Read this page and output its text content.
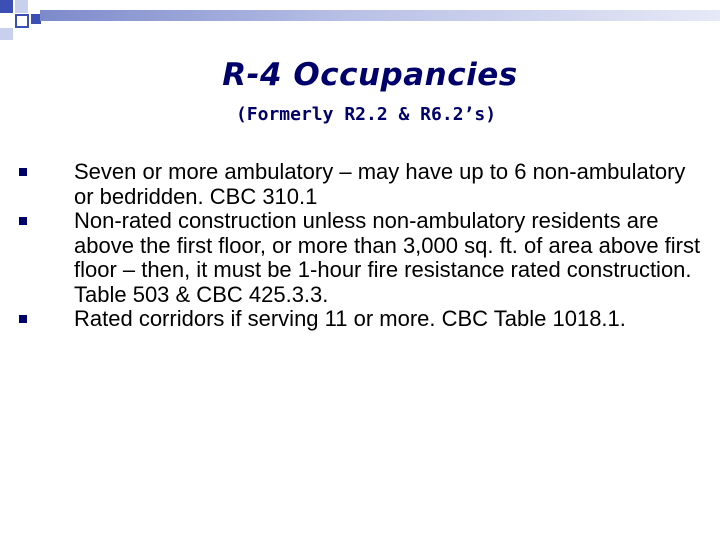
R-4 Occupancies
(Formerly R2.2 & R6.2’s)
Seven or more ambulatory – may have up to 6 non-ambulatory or bedridden. CBC 310.1
Non-rated construction unless non-ambulatory residents are above the first floor, or more than 3,000 sq. ft. of area above first floor – then, it must be 1-hour fire resistance rated construction. Table 503 & CBC 425.3.3.
Rated corridors if serving 11 or more. CBC Table 1018.1.
